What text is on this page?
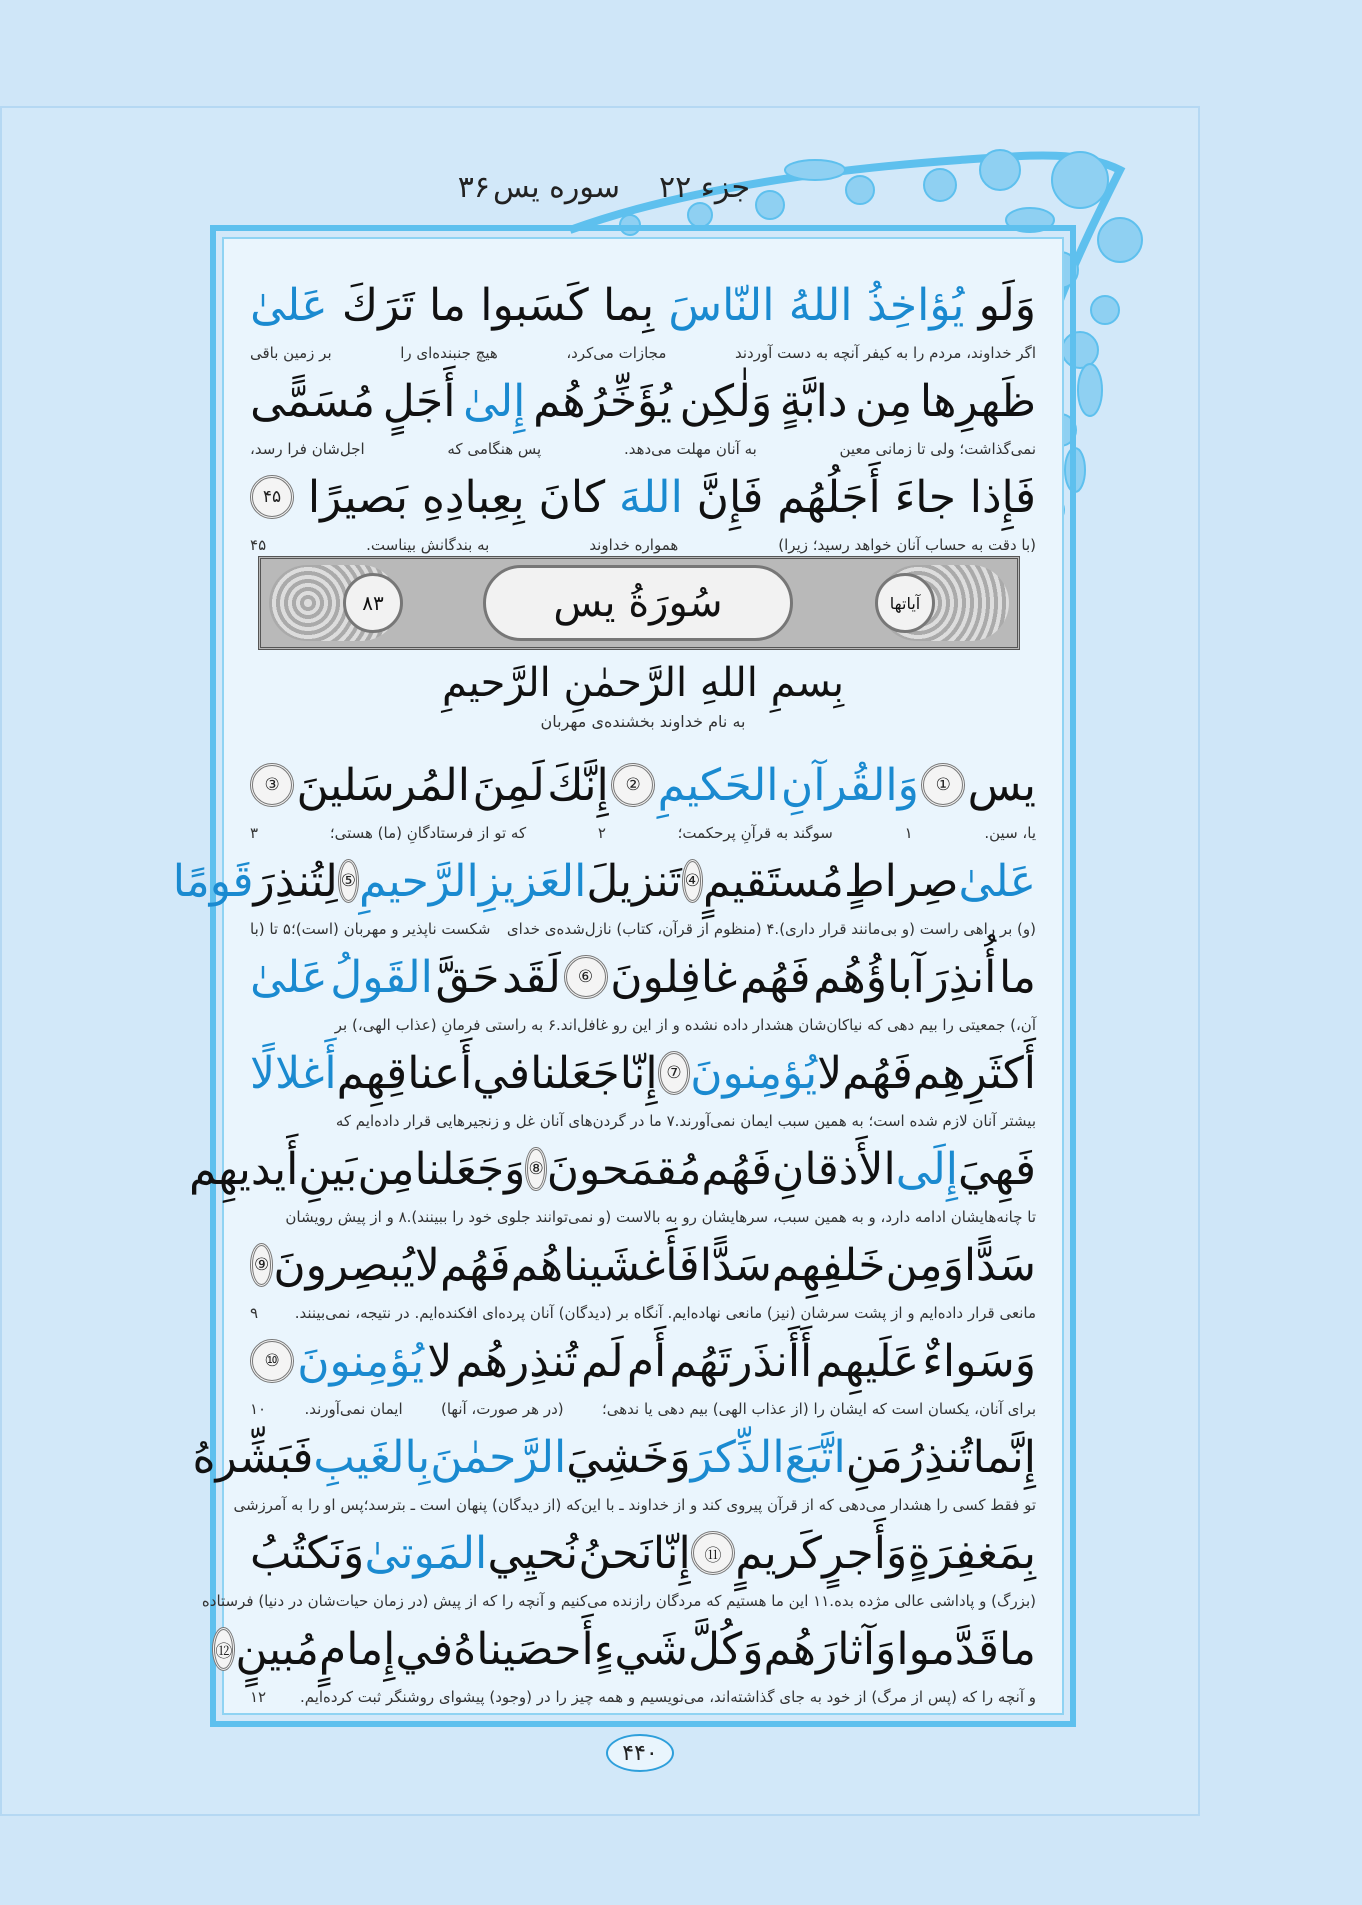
جزء ۲۲
سوره یس
۳۶
وَلَو
يُؤاخِذُ
اللهُ
النّاسَ
بِما
كَسَبوا
ما
تَرَكَ
عَلىٰ
اگر خداوند، مردم را به کیفر آنچه به دست آوردند
مجازات می‌کرد،
هیچ جنبنده‌ای را
بر زمین باقی
ظَهرِها
مِن
دابَّةٍ
وَلٰكِن
يُؤَخِّرُهُم
إِلىٰ
أَجَلٍ
مُسَمًّى
نمی‌گذاشت؛ ولی تا زمانی معین
به آنان مهلت می‌دهد.
پس هنگامی که
اجل‌شان فرا رسد،
فَإِذا
جاءَ
أَجَلُهُم
فَإِنَّ
اللهَ
كانَ
بِعِبادِهِ
بَصيرًا
۴۵
(با دقت به حساب آنان خواهد رسید؛ زیرا)
همواره خداوند
به بندگانش بیناست.
۴۵
۸۳	سُورَةُ يس	آیاتها
بِسمِ اللهِ الرَّحمٰنِ الرَّحيمِ
به نام خداوند بخشنده‌ی مهربان
يس
①
وَالقُرآنِ
الحَكيمِ
②
إِنَّكَ
لَمِنَ
المُرسَلينَ
③
یا، سین.
۱
سوگند به قرآنِ پرحکمت؛
۲
که تو از فرستادگانِ (ما) هستی؛
۳
عَلىٰ
صِراطٍ
مُستَقيمٍ
④
تَنزيلَ
العَزيزِ
الرَّحيمِ
⑤
لِتُنذِرَ
قَومًا
(و) بر راهی راست (و بی‌مانند قرار داری).۴ (منظوم از قرآن، کتاب) نازل‌شده‌ی خدای
شکست ناپذیر و مهربان (است)؛۵ تا (با
ما
أُنذِرَ
آباؤُهُم
فَهُم
غافِلونَ
⑥
لَقَد
حَقَّ
القَولُ
عَلىٰ
آن،) جمعیتی را بیم دهی که نیاکان‌شان هشدار داده نشده و از این رو غافل‌اند.۶ به راستی فرمانِ (عذاب الهی،) بر
أَكثَرِهِم
فَهُم
لا
يُؤمِنونَ
⑦
إِنّا
جَعَلنا
في
أَعناقِهِم
أَغلالًا
بیشتر آنان لازم شده است؛ به همین سبب ایمان نمی‌آورند.۷ ما در گردن‌های آنان غل و زنجیرهایی قرار داده‌ایم که
فَهِيَ
إِلَى
الأَذقانِ
فَهُم
مُقمَحونَ
⑧
وَجَعَلنا
مِن
بَينِ
أَيديهِم
تا چانه‌هایشان ادامه دارد، و به همین سبب، سرهایشان رو به بالاست (و نمی‌توانند جلوی خود را ببینند).۸ و از پیش رویشان
سَدًّا
وَمِن
خَلفِهِم
سَدًّا
فَأَغشَيناهُم
فَهُم
لا
يُبصِرونَ
⑨
مانعی قرار داده‌ایم و از پشت سرشان (نیز) مانعی نهاده‌ایم. آنگاه بر (دیدگان) آنان پرده‌ای افکنده‌ایم. در نتیجه، نمی‌بینند.
۹
وَسَواءٌ
عَلَيهِم
أَأَنذَرتَهُم
أَم
لَم
تُنذِرهُم
لا
يُؤمِنونَ
⑩
برای آنان، یکسان است که ایشان را (از عذاب الهی) بیم دهی یا ندهی؛
(در هر صورت، آنها)
ایمان نمی‌آورند.
۱۰
إِنَّما
تُنذِرُ
مَنِ
اتَّبَعَ
الذِّكرَ
وَخَشِيَ
الرَّحمٰنَ
بِالغَيبِ
فَبَشِّرهُ
تو فقط کسی را هشدار می‌دهی که از قرآن پیروی کند و از خداوند ـ با این‌که (از دیدگان) پنهان است ـ بترسد؛
پس او را به آمرزشی
بِمَغفِرَةٍ
وَأَجرٍ
كَريمٍ
⑪
إِنّا
نَحنُ
نُحيِي
المَوتىٰ
وَنَكتُبُ
(بزرگ) و پاداشی عالی مژده بده.۱۱ این ما هستیم که مردگان رازنده می‌کنیم و آنچه را که از پیش (در زمان حیات‌شان در دنیا) فرستاده
ما
قَدَّموا
وَآثارَهُم
وَكُلَّ
شَيءٍ
أَحصَيناهُ
في
إِمامٍ
مُبينٍ
⑫
و آنچه را که (پس از مرگ) از خود به جای گذاشته‌اند، می‌نویسیم و همه چیز را در (وجود) پیشوای روشنگر ثبت کرده‌ایم.
۱۲
۴۴۰
